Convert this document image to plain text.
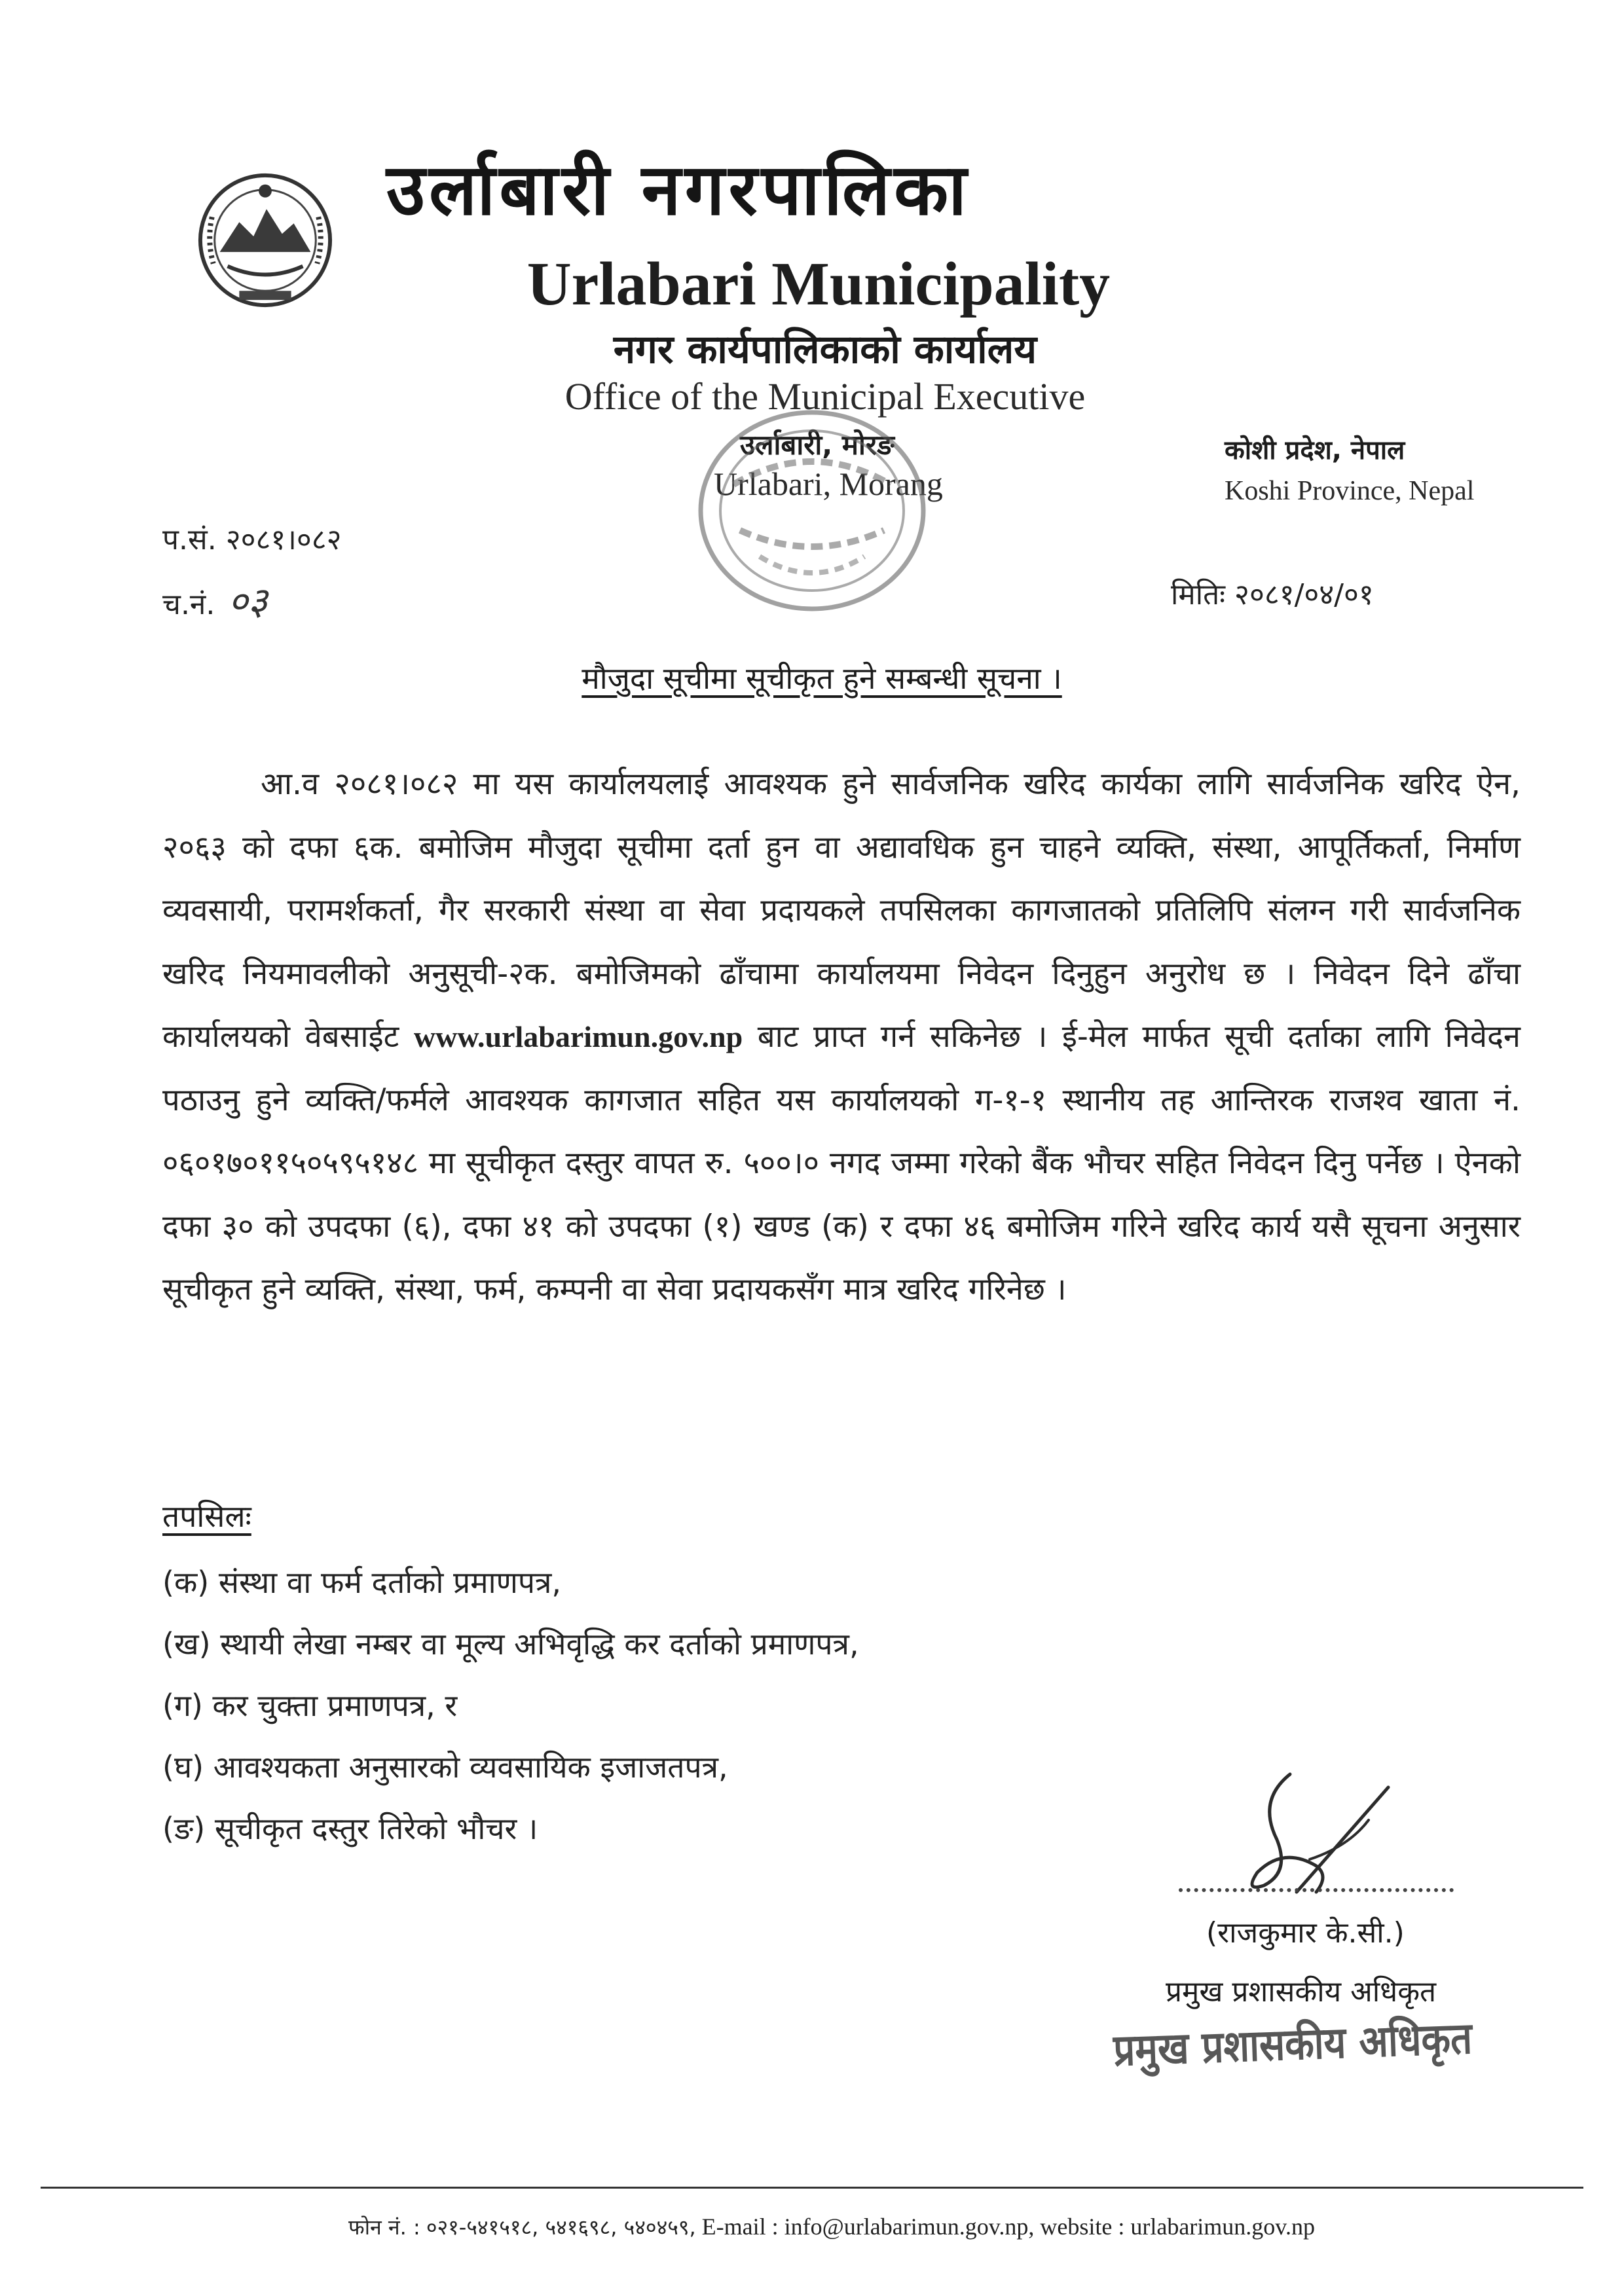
उर्लाबारी नगरपालिका
Urlabari Municipality
नगर कार्यपालिकाको कार्यालय
Office of the Municipal Executive
उर्लाबारी, मोरङ
Urlabari, Morang
कोशी प्रदेश, नेपाल
Koshi Province, Nepal
प.सं. २०८१।०८२
च.नं. ०३	मितिः २०८१/०४/०१
मौजुदा सूचीमा सूचीकृत हुने सम्बन्धी सूचना ।
आ.व २०८१।०८२ मा यस कार्यालयलाई आवश्यक हुने सार्वजनिक खरिद कार्यका लागि सार्वजनिक खरिद ऐन, २०६३ को दफा ६क. बमोजिम मौजुदा सूचीमा दर्ता हुन वा अद्यावधिक हुन चाहने व्यक्ति, संस्था, आपूर्तिकर्ता, निर्माण व्यवसायी, परामर्शकर्ता, गैर सरकारी संस्था वा सेवा प्रदायकले तपसिलका कागजातको प्रतिलिपि संलग्न गरी सार्वजनिक खरिद नियमावलीको अनुसूची-२क. बमोजिमको ढाँचामा कार्यालयमा निवेदन दिनुहुन अनुरोध छ । निवेदन दिने ढाँचा कार्यालयको वेबसाईट www.urlabarimun.gov.np बाट प्राप्त गर्न सकिनेछ । ई-मेल मार्फत सूची दर्ताका लागि निवेदन पठाउनु हुने व्यक्ति/फर्मले आवश्यक कागजात सहित यस कार्यालयको ग-१-१ स्थानीय तह आन्तिरक राजश्व खाता नं. ०६०१७०११५०५९५१४८ मा सूचीकृत दस्तुर वापत रु. ५००।० नगद जम्मा गरेको बैंक भौचर सहित निवेदन दिनु पर्नेछ । ऐनको दफा ३० को उपदफा (६), दफा ४१ को उपदफा (१) खण्ड (क) र दफा ४६ बमोजिम गरिने खरिद कार्य यसै सूचना अनुसार सूचीकृत हुने व्यक्ति, संस्था, फर्म, कम्पनी वा सेवा प्रदायकसँग मात्र खरिद गरिनेछ ।
तपसिलः
(क) संस्था वा फर्म दर्ताको प्रमाणपत्र,
(ख) स्थायी लेखा नम्बर वा मूल्य अभिवृद्धि कर दर्ताको प्रमाणपत्र,
(ग) कर चुक्ता प्रमाणपत्र, र
(घ) आवश्यकता अनुसारको व्यवसायिक इजाजतपत्र,
(ङ) सूचीकृत दस्तुर तिरेको भौचर ।
(राजकुमार के.सी.)
प्रमुख प्रशासकीय अधिकृत
प्रमुख प्रशासकीय अधिकृत
फोन नं. : ०२१-५४१५१८, ५४१६९८, ५४०४५९, E-mail : info@urlabarimun.gov.np, website : urlabarimun.gov.np
